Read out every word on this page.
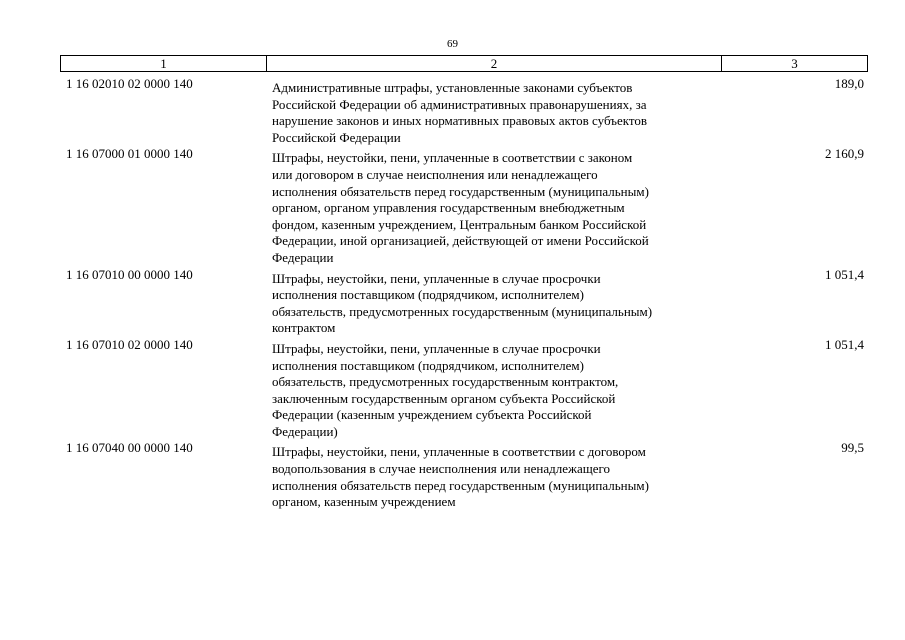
69
1	2	3
1 16 02010 02 0000 140	Административные штрафы, установленные законами субъектов
Российской Федерации об административных правонарушениях, за
нарушение законов и иных нормативных правовых актов субъектов
Российской Федерации
189,0
1 16 07000 01 0000 140	Штрафы, неустойки, пени, уплаченные в соответствии с законом
или договором в случае неисполнения или ненадлежащего
исполнения обязательств перед государственным (муниципальным)
органом, органом управления государственным внебюджетным
фондом, казенным учреждением, Центральным банком Российской
Федерации, иной организацией, действующей от имени Российской
Федерации
2 160,9
1 16 07010 00 0000 140	Штрафы, неустойки, пени, уплаченные в случае просрочки
исполнения поставщиком (подрядчиком, исполнителем)
обязательств, предусмотренных государственным (муниципальным)
контрактом
1 051,4
1 16 07010 02 0000 140	Штрафы, неустойки, пени, уплаченные в случае просрочки
исполнения поставщиком (подрядчиком, исполнителем)
обязательств, предусмотренных государственным контрактом,
заключенным государственным органом субъекта Российской
Федерации (казенным учреждением субъекта Российской
Федерации)
1 051,4
1 16 07040 00 0000 140	Штрафы, неустойки, пени, уплаченные в соответствии с договором
водопользования в случае неисполнения или ненадлежащего
исполнения обязательств перед государственным (муниципальным)
органом, казенным учреждением
99,5
